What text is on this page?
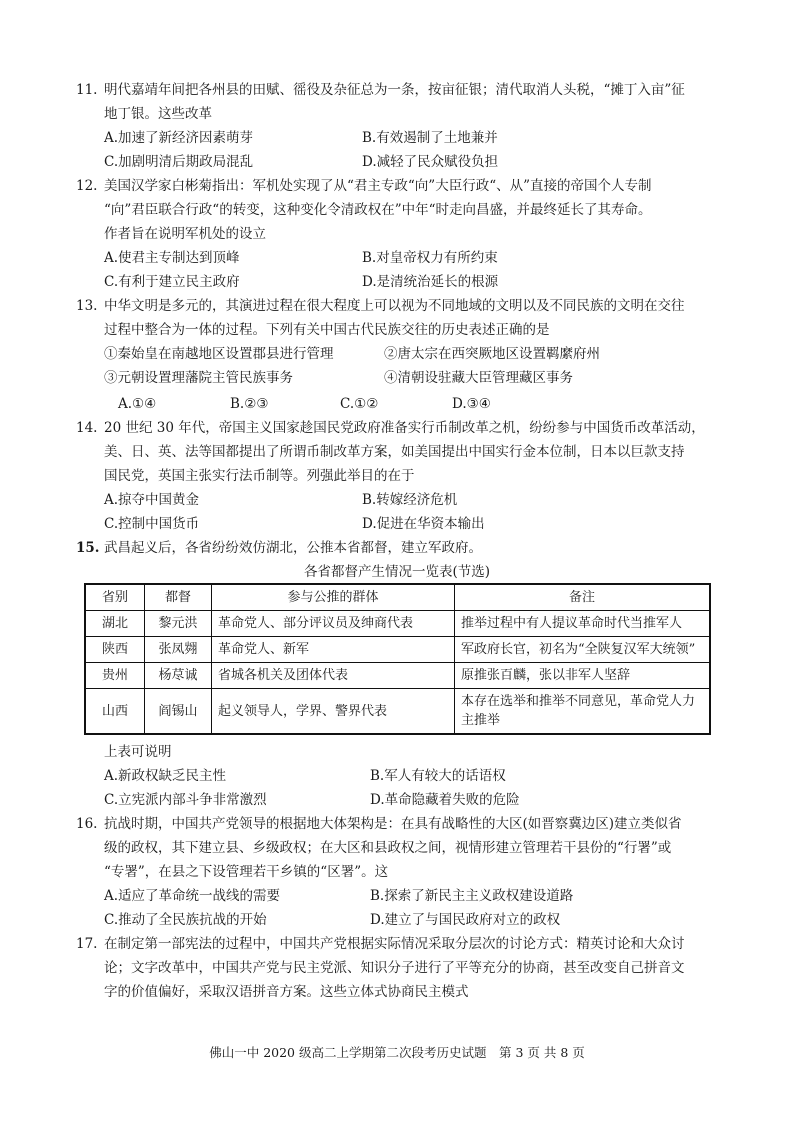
11. 明代嘉靖年间把各州县的田赋、徭役及杂征总为一条，按亩征银；清代取消人头税，“摊丁入亩”征
地丁银。这些改革
A.加速了新经济因素萌芽	B.有效遏制了土地兼并
C.加剧明清后期政局混乱	D.减轻了民众赋役负担
12. 美国汉学家白彬菊指出：军机处实现了从“君主专政“向”大臣行政“、从”直接的帝国个人专制
“向”君臣联合行政“的转变，这种变化令清政权在”中年“时走向昌盛，并最终延长了其寿命。
作者旨在说明军机处的设立
A.使君主专制达到顶峰	B.对皇帝权力有所约束
C.有利于建立民主政府	D.是清统治延长的根源
13. 中华文明是多元的，其演进过程在很大程度上可以视为不同地域的文明以及不同民族的文明在交往
过程中整合为一体的过程。下列有关中国古代民族交往的历史表述正确的是
①秦始皇在南越地区设置郡县进行管理	②唐太宗在西突厥地区设置羁縻府州
③元朝设置理藩院主管民族事务	④清朝设驻藏大臣管理藏区事务
A.①④	B.②③	C.①②	D.③④
14. 20 世纪 30 年代，帝国主义国家趁国民党政府准备实行币制改革之机，纷纷参与中国货币改革活动，
美、日、英、法等国都提出了所谓币制改革方案，如美国提出中国实行金本位制，日本以巨款支持
国民党，英国主张实行法币制等。列强此举目的在于
A.掠夺中国黄金	B.转嫁经济危机
C.控制中国货币	D.促进在华资本输出
15. 武昌起义后，各省纷纷效仿湖北，公推本省都督，建立军政府。
各省都督产生情况一览表(节选)
省别	都督	参与公推的群体	备注
湖北	黎元洪	革命党人、部分评议员及绅商代表	推举过程中有人提议革命时代当推军人
陕西	张凤翙	革命党人、新军	军政府长官，初名为“全陕复汉军大统领”
贵州	杨荩诚	省城各机关及团体代表	原推张百麟，张以非军人坚辞
山西	阎锡山	起义领导人，学界、警界代表	本存在选举和推举不同意见，革命党人力主推举
上表可说明
A.新政权缺乏民主性	B.军人有较大的话语权
C.立宪派内部斗争非常激烈	D.革命隐藏着失败的危险
16. 抗战时期，中国共产党领导的根据地大体架构是：在具有战略性的大区(如晋察冀边区)建立类似省
级的政权，其下建立县、乡级政权；在大区和县政权之间，视情形建立管理若干县份的“行署”或
“专署”，在县之下设管理若干乡镇的“区署”。这
A.适应了革命统一战线的需要	B.探索了新民主主义政权建设道路
C.推动了全民族抗战的开始	D.建立了与国民政府对立的政权
17. 在制定第一部宪法的过程中，中国共产党根据实际情况采取分层次的讨论方式：精英讨论和大众讨
论；文字改革中，中国共产党与民主党派、知识分子进行了平等充分的协商，甚至改变自己拼音文
字的价值偏好，采取汉语拼音方案。这些立体式协商民主模式
佛山一中 2020 级高二上学期第二次段考历史试题　第 3 页 共 8 页
